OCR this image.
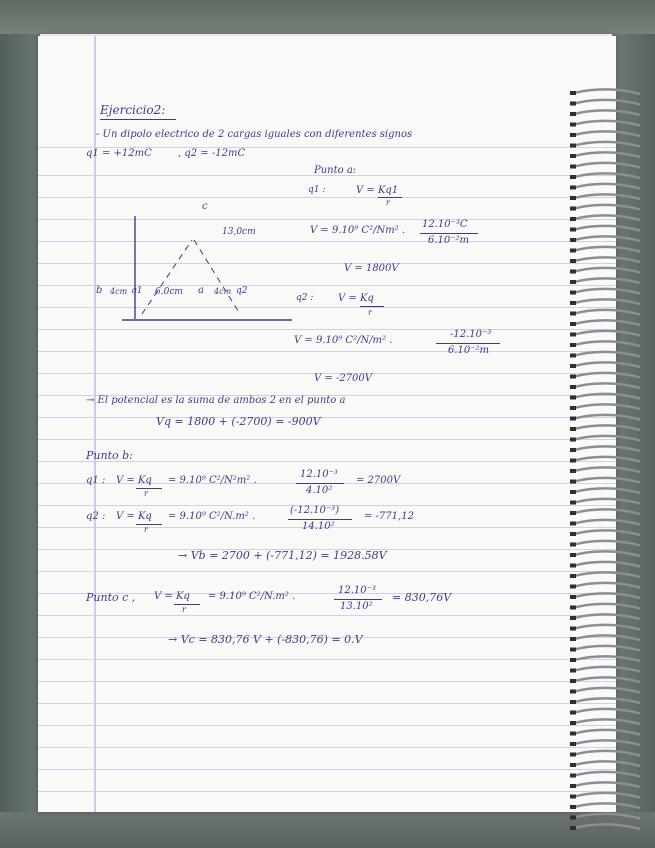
Ejercicio2:
- Un dipolo electrico de 2 cargas iguales con diferentes signos
q1 = +12mC	, q2 = -12mC
c
13,0cm
b 4cm q1 6.0cm a 4cm q2
Punto a:
q1 :	V = Kq1
r
V = 9.10⁹ C²/Nm² .
12.10⁻³C
6.10⁻²m
V = 1800V
q2 : V = Kq
r
V = 9.10⁹ C²/N/m² .
-12.10⁻³
6.10⁻²m
V = -2700V
→ El potencial es la suma de ambos 2 en el punto a
Vq = 1800 + (-2700) = -900V
Punto b:
q1 : V = Kq
r
= 9.10⁹ C²/N²m² .
12.10⁻³
4.10²
= 2700V
q2 : V = Kq
r
= 9.10⁹ C²/N.m² .
(-12.10⁻³)
14.10²
= -771,12
→ Vb = 2700 + (-771,12) = 1928.58V
Punto c , V = Kq
r
= 9.10⁹ C²/N.m² .
12.10⁻³
13.10²
= 830,76V
→ Vc = 830,76 V + (-830,76) = 0.V
